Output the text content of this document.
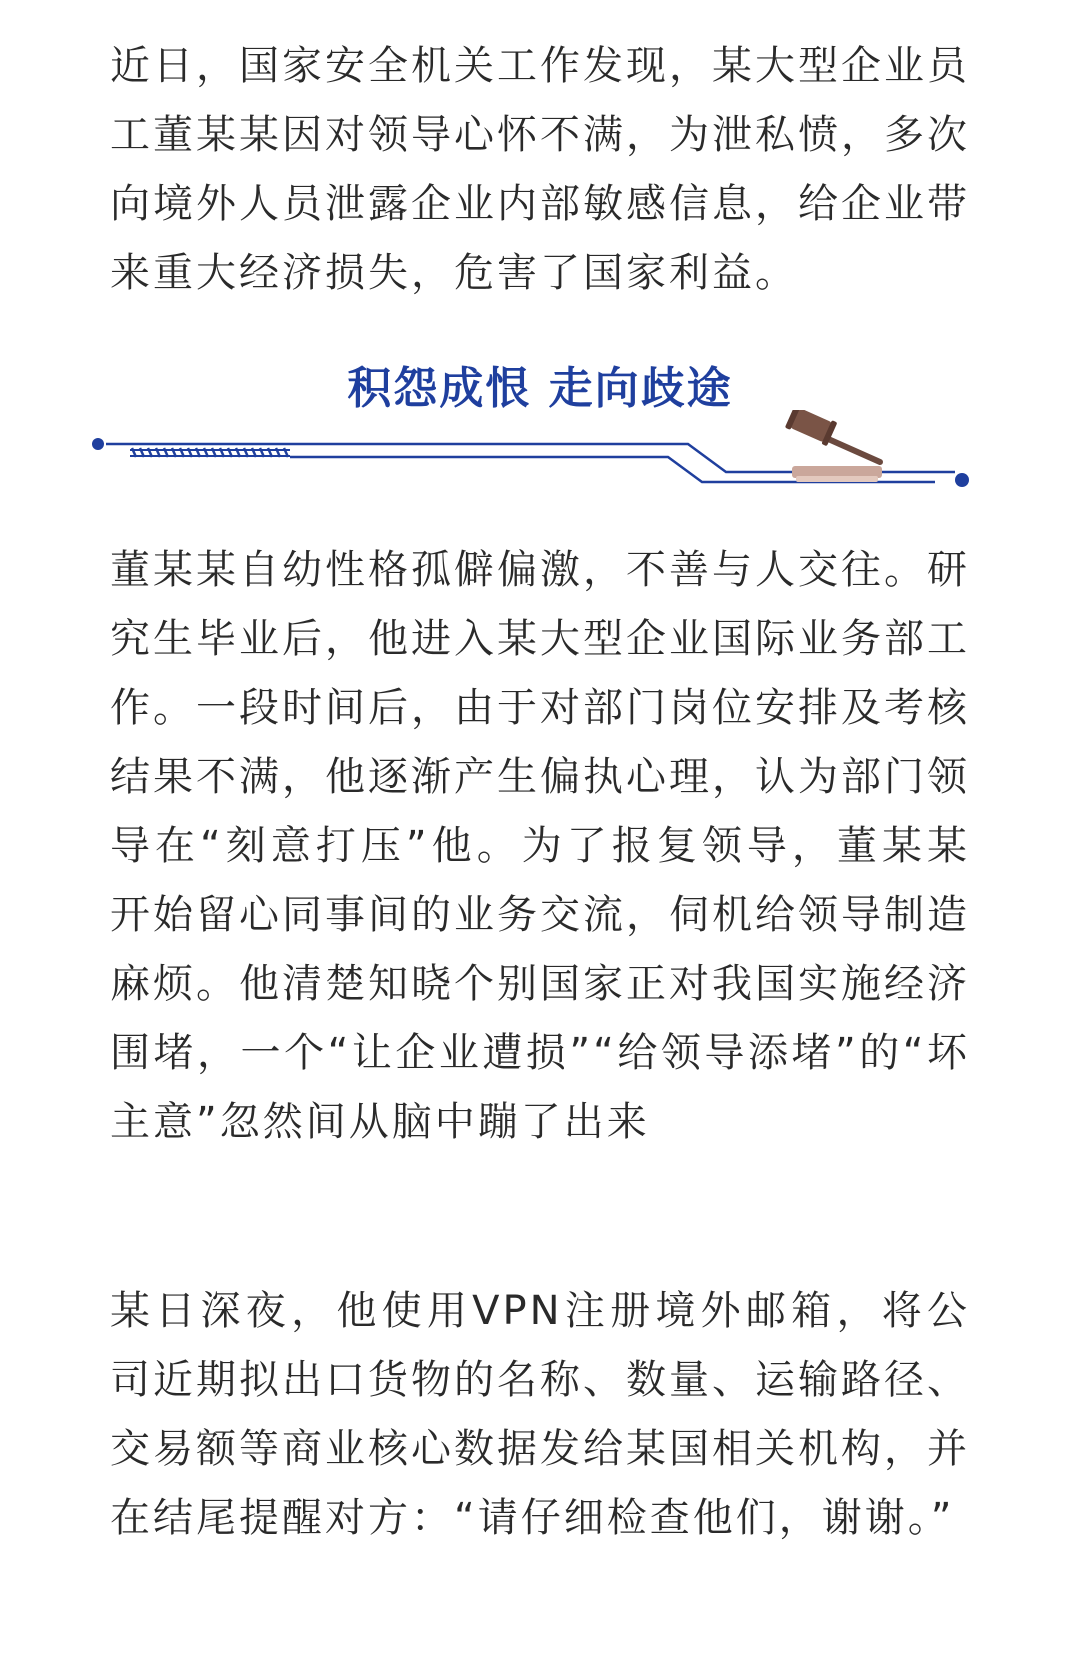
近日，国家安全机关工作发现，某大型企业员工董某某因对领导心怀不满，为泄私愤，多次向境外人员泄露企业内部敏感信息，给企业带来重大经济损失，危害了国家利益。

积怨成恨 走向歧途

董某某自幼性格孤僻偏激，不善与人交往。研究生毕业后，他进入某大型企业国际业务部工作。一段时间后，由于对部门岗位安排及考核结果不满，他逐渐产生偏执心理，认为部门领导在“刻意打压”他。为了报复领导，董某某开始留心同事间的业务交流，伺机给领导制造麻烦。他清楚知晓个别国家正对我国实施经济围堵，一个“让企业遭损”“给领导添堵”的“坏主意”忽然间从脑中蹦了出来

某日深夜，他使用VPN注册境外邮箱，将公司近期拟出口货物的名称、数量、运输路径、交易额等商业核心数据发给某国相关机构，并在结尾提醒对方：“请仔细检查他们，谢谢。”
